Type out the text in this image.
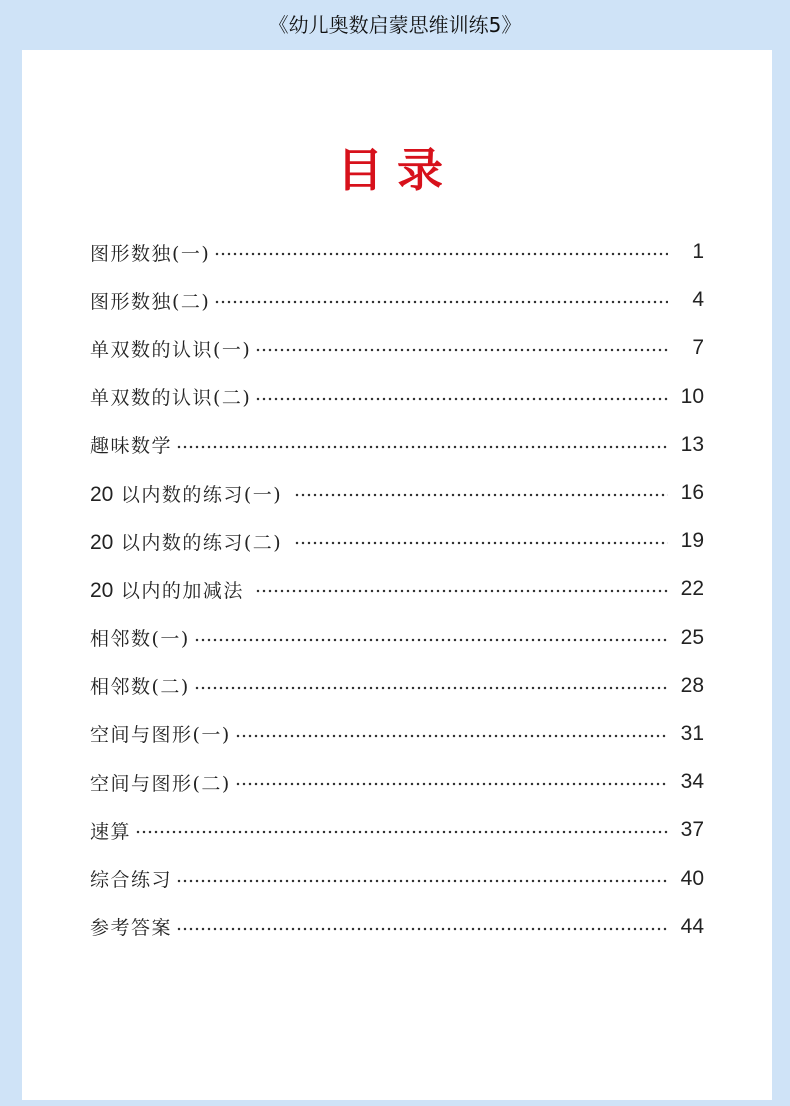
《幼儿奥数启蒙思维训练5》
目录
图形数独(一)	1
图形数独(二)	4
单双数的认识(一)	7
单双数的认识(二)	10
趣味数学	13
20 以内数的练习(一)	16
20 以内数的练习(二)	19
20 以内的加减法	22
相邻数(一)	25
相邻数(二)	28
空间与图形(一)	31
空间与图形(二)	34
速算	37
综合练习	40
参考答案	44
